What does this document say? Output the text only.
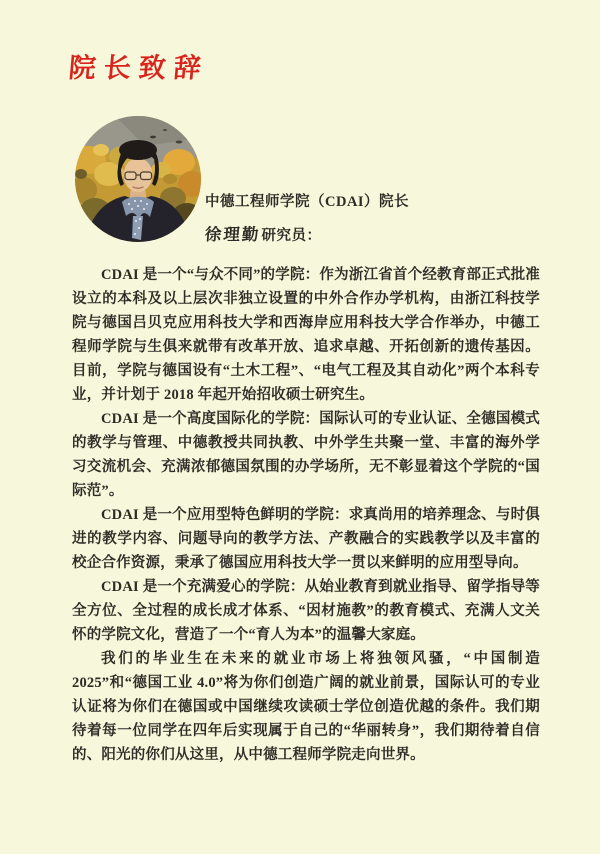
院长致辞
中德工程师学院（CDAI）院长
徐理勤研究员：

CDAI 是一个“与众不同”的学院：作为浙江省首个经教育部正式批准设立的本科及以上层次非独立设置的中外合作办学机构，由浙江科技学院与德国吕贝克应用科技大学和西海岸应用科技大学合作举办，中德工程师学院与生俱来就带有改革开放、追求卓越、开拓创新的遗传基因。目前，学院与德国设有“土木工程”、“电气工程及其自动化”两个本科专业，并计划于 2018 年起开始招收硕士研究生。

CDAI 是一个高度国际化的学院：国际认可的专业认证、全德国模式的教学与管理、中德教授共同执教、中外学生共聚一堂、丰富的海外学习交流机会、充满浓郁德国氛围的办学场所，无不彰显着这个学院的“国际范”。

CDAI 是一个应用型特色鲜明的学院：求真尚用的培养理念、与时俱进的教学内容、问题导向的教学方法、产教融合的实践教学以及丰富的校企合作资源，秉承了德国应用科技大学一贯以来鲜明的应用型导向。

CDAI 是一个充满爱心的学院：从始业教育到就业指导、留学指导等全方位、全过程的成长成才体系、“因材施教”的教育模式、充满人文关怀的学院文化，营造了一个“育人为本”的温馨大家庭。

我们的毕业生在未来的就业市场上将独领风骚，“中国制造 2025”和“德国工业 4.0”将为你们创造广阔的就业前景，国际认可的专业认证将为你们在德国或中国继续攻读硕士学位创造优越的条件。我们期待着每一位同学在四年后实现属于自己的“华丽转身”，我们期待着自信的、阳光的你们从这里，从中德工程师学院走向世界。
